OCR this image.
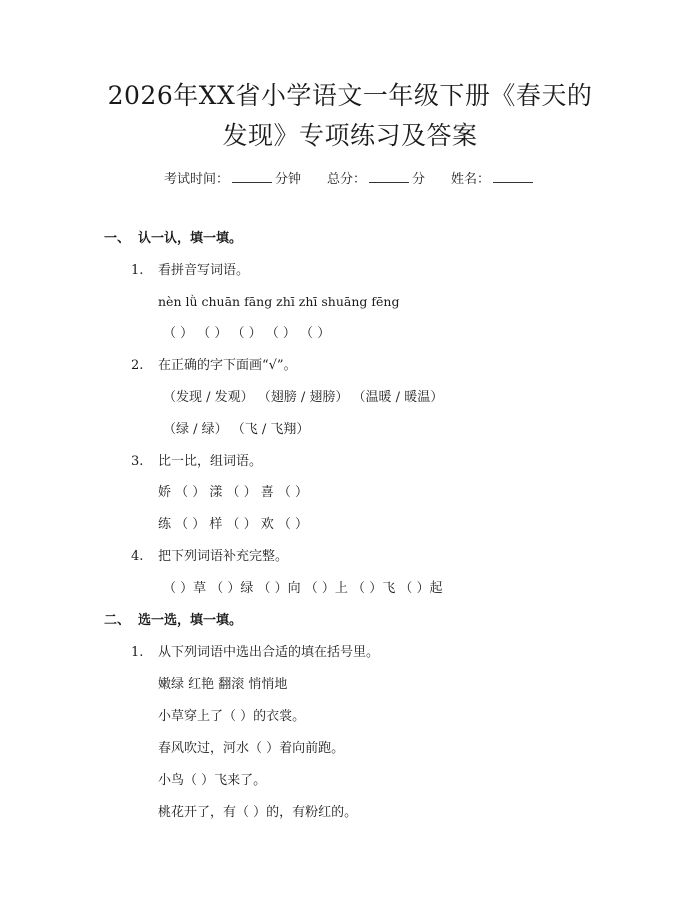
2026年XX省小学语文一年级下册《春天的
发现》专项练习及答案
考试时间：	分钟 总分：	分 姓名：
一、 认一认，填一填。
1. 看拼音写词语。
nèn lǜ chuān fāng zhī zhī shuāng fēng
（ ） （ ） （ ） （ ） （ ）
2. 在正确的字下面画“√”。
（发现 / 发观） （翅膀 / 翅膀） （温暖 / 暖温）
（绿 / 绿） （飞 / 飞翔）
3. 比一比，组词语。
娇 （ ） 漾 （ ） 喜 （ ）
练 （ ） 样 （ ） 欢 （ ）
4. 把下列词语补充完整。
（ ）草 （ ）绿 （ ）向 （ ）上 （ ）飞 （ ）起
二、 选一选，填一填。
1. 从下列词语中选出合适的填在括号里。
嫩绿 红艳 翻滚 悄悄地
小草穿上了（ ）的衣裳。
春风吹过，河水（ ）着向前跑。
小鸟（ ）飞来了。
桃花开了，有（ ）的，有粉红的。
